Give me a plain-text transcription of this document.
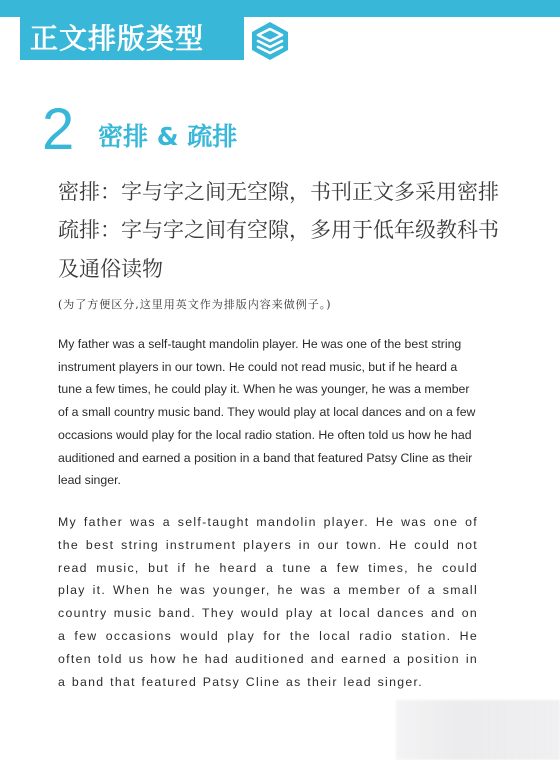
正文排版类型
2 密排 & 疏排
密排：字与字之间无空隙，书刊正文多采用密排
疏排：字与字之间有空隙，多用于低年级教科书
及通俗读物
(为了方便区分,这里用英文作为排版内容来做例子。)

My father was a self-taught mandolin player. He was one of the best string instrument players in our town. He could not read music, but if he heard a tune a few times, he could play it. When he was younger, he was a member of a small country music band. They would play at local dances and on a few occasions would play for the local radio station. He often told us how he had auditioned and earned a position in a band that featured Patsy Cline as their lead singer.

My father was a self-taught mandolin player. He was one of the best string instrument players in our town. He could not read music, but if he heard a tune a few times, he could play it. When he was younger, he was a member of a small country music band. They would play at local dances and on a few occasions would play for the local radio station. He often told us how he had auditioned and earned a position in a band that featured Patsy Cline as their lead singer.
